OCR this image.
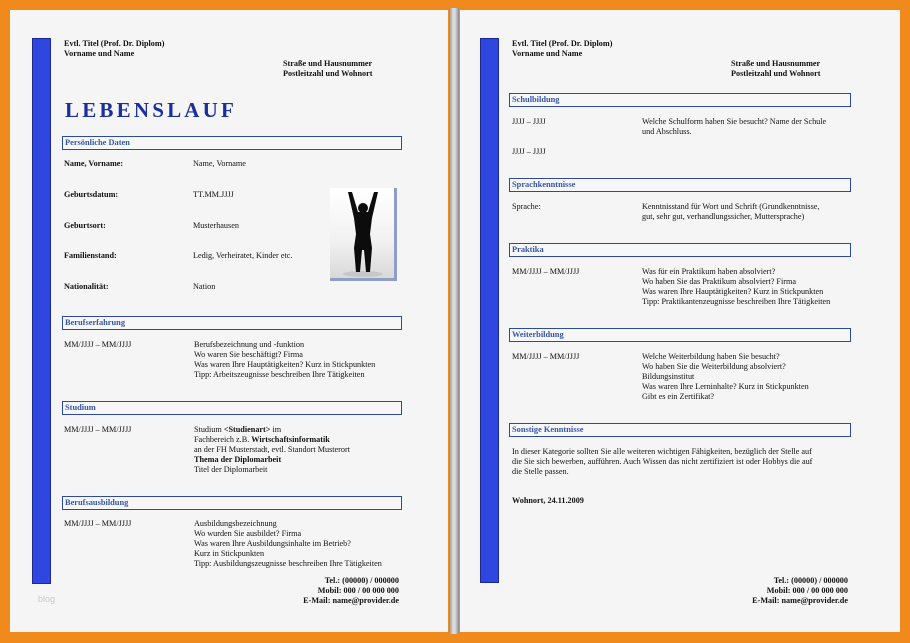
Evtl. Titel (Prof. Dr. Diplom)
Vorname und Name
Straße und Hausnummer
Postleitzahl und Wohnort
LEBENSLAUF
Persönliche Daten
Name, Vorname:	Name, Vorname
Geburtsdatum:	TT.MM.JJJJ
Geburtsort:	Musterhausen
Familienstand:	Ledig, Verheiratet, Kinder etc.
Nationalität:	Nation
Berufserfahrung
MM/JJJJ – MM/JJJJ	Berufsbezeichnung und -funktion
Wo waren Sie beschäftigt? Firma
Was waren Ihre Hauptätigkeiten? Kurz in Stickpunkten
Tipp: Arbeitszeugnisse beschreiben Ihre Tätigkeiten
Studium
MM/JJJJ – MM/JJJJ	Studium <Studienart> im
Fachbereich z.B. Wirtschaftsinformatik
an der FH Musterstadt, evtl. Standort Musterort
Thema der Diplomarbeit
Titel der Diplomarbeit
Berufsausbildung
MM/JJJJ – MM/JJJJ	Ausbildungsbezeichnung
Wo wurden Sie ausbildet? Firma
Was waren Ihre Ausbildungsinhalte im Betrieb?
Kurz in Stickpunkten
Tipp: Ausbildungszeugnisse beschreiben Ihre Tätigkeiten
Tel.: (00000) / 000000
Mobil: 000 / 00 000 000
E-Mail: name@provider.de
blog
Evtl. Titel (Prof. Dr. Diplom)
Vorname und Name
Straße und Hausnummer
Postleitzahl und Wohnort
Schulbildung
JJJJ – JJJJ	Welche Schulform haben Sie besucht? Name der Schule
und Abschluss.
JJJJ – JJJJ
Sprachkenntnisse
Sprache:	Kenntnisstand für Wort und Schrift (Grundkenntnisse,
gut, sehr gut, verhandlungssicher, Muttersprache)
Praktika
MM/JJJJ – MM/JJJJ	Was für ein Praktikum haben absolviert?
Wo haben Sie das Praktikum absolviert? Firma
Was waren Ihre Hauptätigkeiten? Kurz in Stickpunkten
Tipp: Praktikantenzeugnisse beschreiben Ihre Tätigkeiten
Weiterbildung
MM/JJJJ – MM/JJJJ	Welche Weiterbildung haben Sie besucht?
Wo haben Sie die Weiterbildung absolviert?
Bildungsinstitut
Was waren Ihre Lerninhalte? Kurz in Stickpunkten
Gibt es ein Zertifikat?
Sonstige Kenntnisse
In dieser Kategorie sollten Sie alle weiteren wichtigen Fähigkeiten, bezüglich der Stelle auf
die Sie sich bewerben, aufführen. Auch Wissen das nicht zertifiziert ist oder Hobbys die auf
die Stelle passen.
Wohnort, 24.11.2009
Tel.: (00000) / 000000
Mobil: 000 / 00 000 000
E-Mail: name@provider.de
